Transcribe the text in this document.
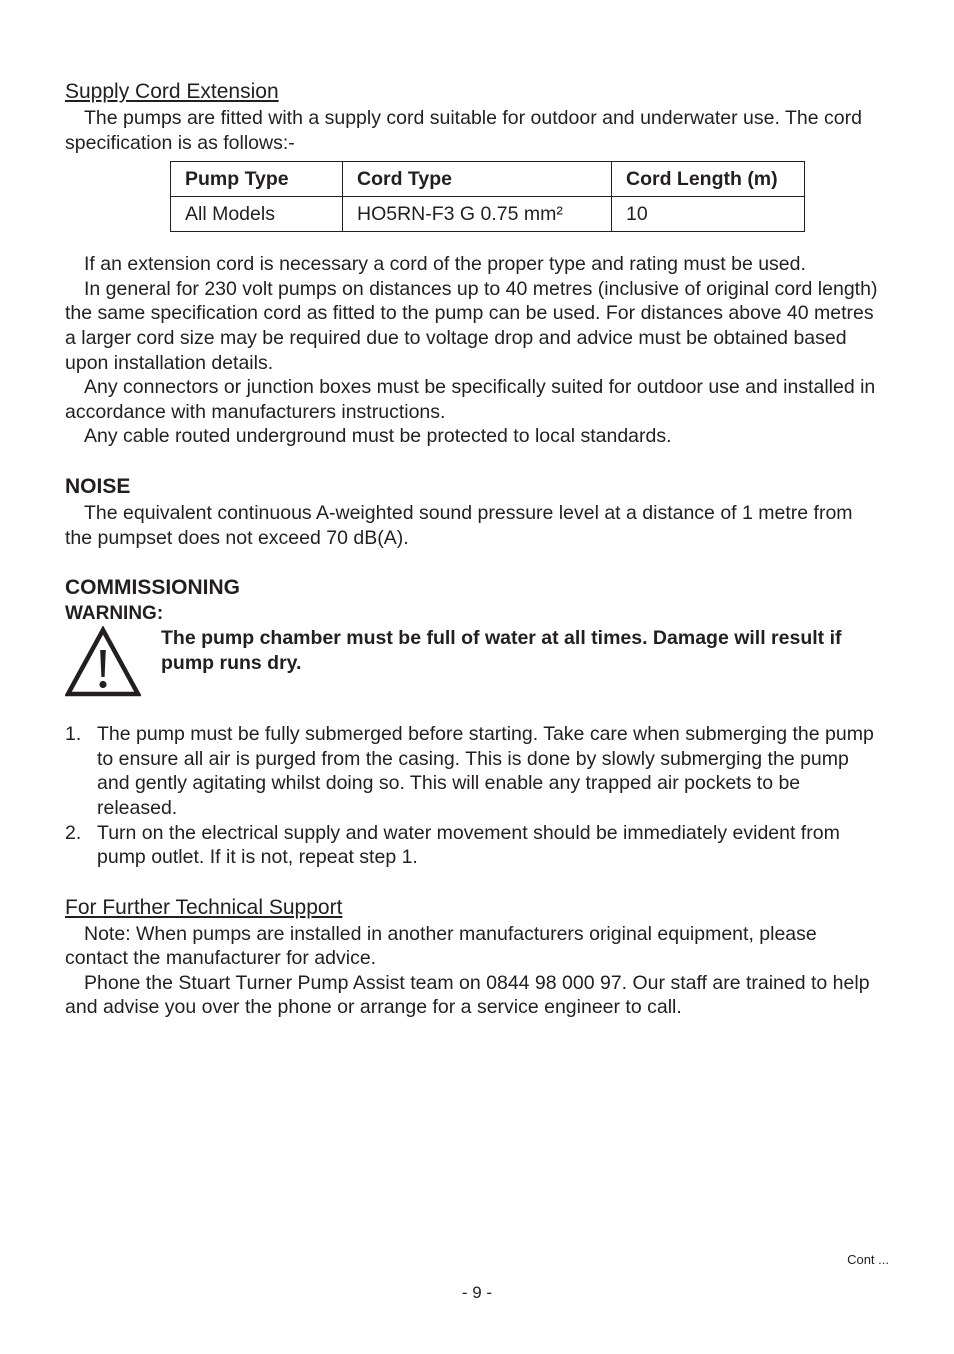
Supply Cord Extension

The pumps are fitted with a supply cord suitable for outdoor and underwater use. The cord specification is as follows:-

Pump Type	Cord Type	Cord Length (m)
All Models	HO5RN-F3 G 0.75 mm²	10

If an extension cord is necessary a cord of the proper type and rating must be used.

In general for 230 volt pumps on distances up to 40 metres (inclusive of original cord length) the same specification cord as fitted to the pump can be used. For distances above 40 metres a larger cord size may be required due to voltage drop and advice must be obtained based upon installation details.

Any connectors or junction boxes must be specifically suited for outdoor use and installed in accordance with manufacturers instructions.

Any cable routed underground must be protected to local standards.

NOISE

The equivalent continuous A-weighted sound pressure level at a distance of 1 metre from the pumpset does not exceed 70 dB(A).

COMMISSIONING

WARNING:

The pump chamber must be full of water at all times. Damage will result if pump runs dry.

1. The pump must be fully submerged before starting. Take care when submerging the pump to ensure all air is purged from the casing. This is done by slowly submerging the pump and gently agitating whilst doing so. This will enable any trapped air pockets to be released.
2. Turn on the electrical supply and water movement should be immediately evident from pump outlet. If it is not, repeat step 1.

For Further Technical Support

Note: When pumps are installed in another manufacturers original equipment, please contact the manufacturer for advice.

Phone the Stuart Turner Pump Assist team on 0844 98 000 97. Our staff are trained to help and advise you over the phone or arrange for a service engineer to call.

Cont ...
- 9 -
